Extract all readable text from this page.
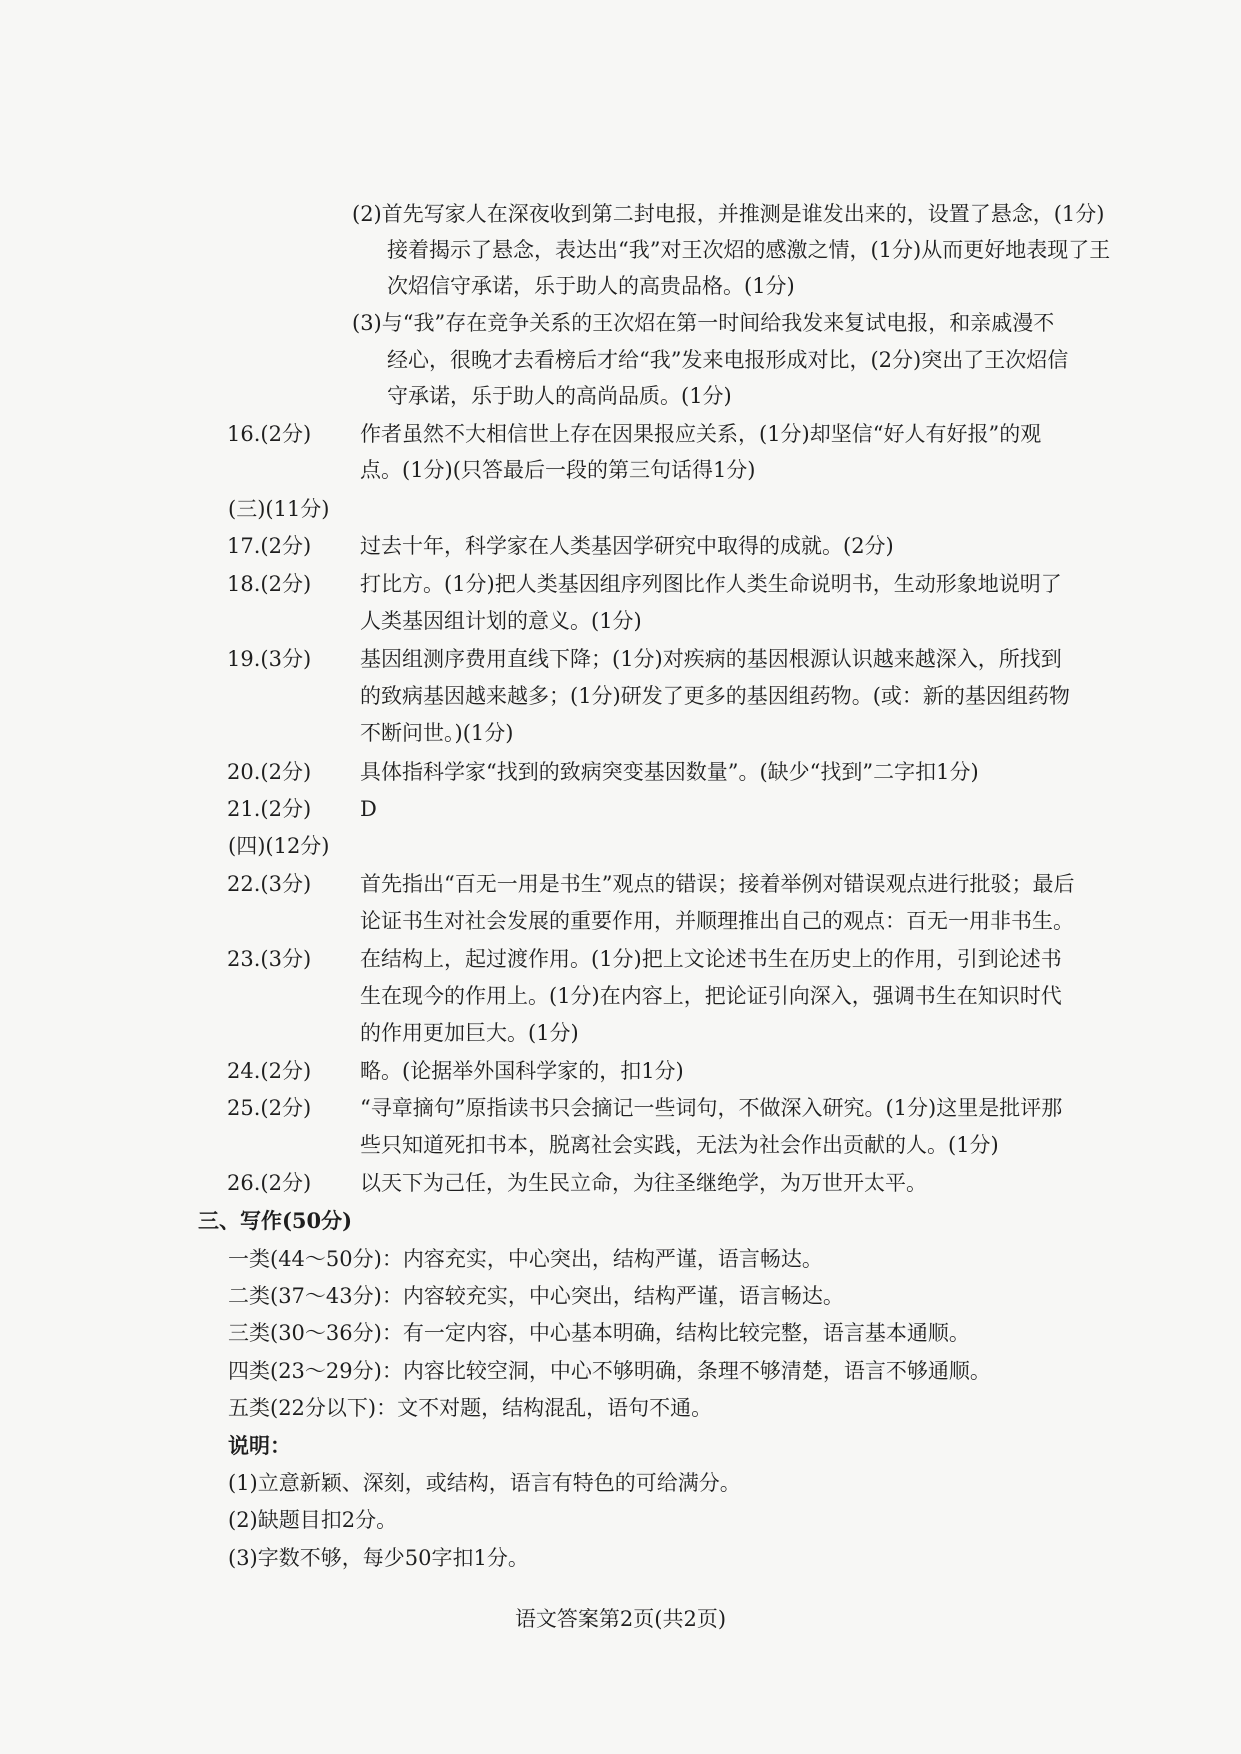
(2)首先写家人在深夜收到第二封电报，并推测是谁发出来的，设置了悬念，(1分)
接着揭示了悬念，表达出“我”对王次炤的感激之情，(1分)从而更好地表现了王
次炤信守承诺，乐于助人的高贵品格。(1分)
(3)与“我”存在竞争关系的王次炤在第一时间给我发来复试电报，和亲戚漫不
经心，很晚才去看榜后才给“我”发来电报形成对比，(2分)突出了王次炤信
守承诺，乐于助人的高尚品质。(1分)
16.(2分) 作者虽然不大相信世上存在因果报应关系，(1分)却坚信“好人有好报”的观
点。(1分)(只答最后一段的第三句话得1分)
(三)(11分)
17.(2分) 过去十年，科学家在人类基因学研究中取得的成就。(2分)
18.(2分) 打比方。(1分)把人类基因组序列图比作人类生命说明书，生动形象地说明了
人类基因组计划的意义。(1分)
19.(3分) 基因组测序费用直线下降；(1分)对疾病的基因根源认识越来越深入，所找到
的致病基因越来越多；(1分)研发了更多的基因组药物。(或：新的基因组药物
不断问世。)(1分)
20.(2分) 具体指科学家“找到的致病突变基因数量”。(缺少“找到”二字扣1分)
21.(2分) D
(四)(12分)
22.(3分) 首先指出“百无一用是书生”观点的错误；接着举例对错误观点进行批驳；最后
论证书生对社会发展的重要作用，并顺理推出自己的观点：百无一用非书生。
23.(3分) 在结构上，起过渡作用。(1分)把上文论述书生在历史上的作用，引到论述书
生在现今的作用上。(1分)在内容上，把论证引向深入，强调书生在知识时代
的作用更加巨大。(1分)
24.(2分) 略。(论据举外国科学家的，扣1分)
25.(2分) “寻章摘句”原指读书只会摘记一些词句，不做深入研究。(1分)这里是批评那
些只知道死扣书本，脱离社会实践，无法为社会作出贡献的人。(1分)
26.(2分) 以天下为己任，为生民立命，为往圣继绝学，为万世开太平。
三、写作(50分)
一类(44～50分)：内容充实，中心突出，结构严谨，语言畅达。
二类(37～43分)：内容较充实，中心突出，结构严谨，语言畅达。
三类(30～36分)：有一定内容，中心基本明确，结构比较完整，语言基本通顺。
四类(23～29分)：内容比较空洞，中心不够明确，条理不够清楚，语言不够通顺。
五类(22分以下)：文不对题，结构混乱，语句不通。
说明：
(1)立意新颖、深刻，或结构，语言有特色的可给满分。
(2)缺题目扣2分。
(3)字数不够，每少50字扣1分。
语文答案第2页(共2页)
